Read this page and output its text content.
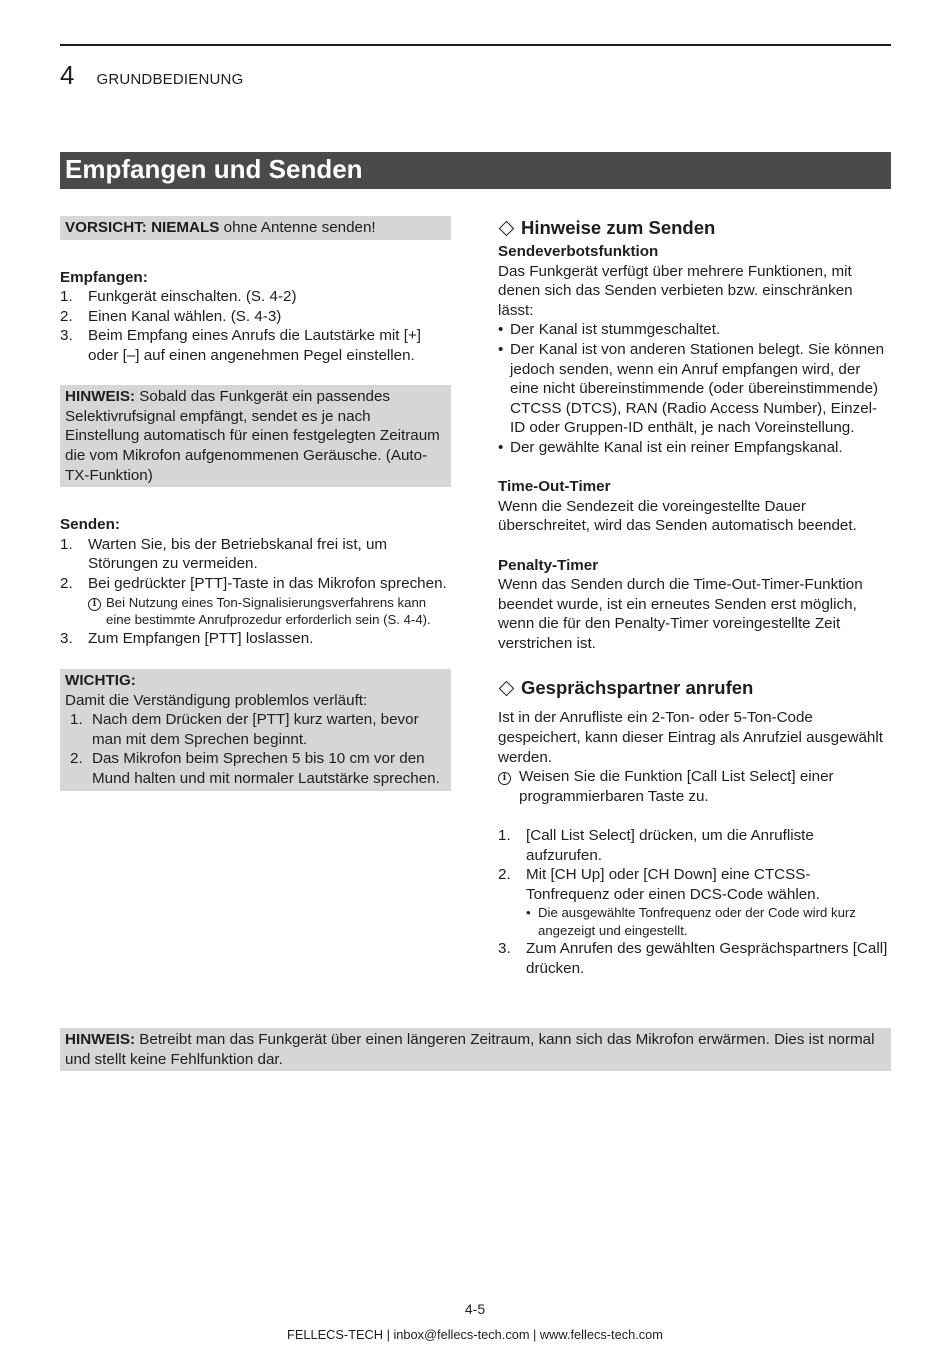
4 GRUNDBEDIENUNG
Empfangen und Senden
VORSICHT: NIEMALS ohne Antenne senden!
Empfangen:
1.	Funkgerät einschalten. (S. 4-2)
2.	Einen Kanal wählen. (S. 4-3)
3.	Beim Empfang eines Anrufs die Lautstärke mit [+] oder [–] auf einen angenehmen Pegel einstellen.
HINWEIS: Sobald das Funkgerät ein passendes Selektivrufsignal empfängt, sendet es je nach Einstellung automatisch für einen festgelegten Zeitraum die vom Mikrofon aufgenommenen Geräusche. (Auto-TX-Funktion)
Senden:
1.	Warten Sie, bis der Betriebskanal frei ist, um Störungen zu vermeiden.
2.	Bei gedrückter [PTT]-Taste in das Mikrofon sprechen.
i Bei Nutzung eines Ton-Signalisierungsverfahrens kann eine bestimmte Anrufprozedur erforderlich sein (S. 4-4).
3.	Zum Empfangen [PTT] loslassen.
WICHTIG:
Damit die Verständigung problemlos verläuft:
1. Nach dem Drücken der [PTT] kurz warten, bevor man mit dem Sprechen beginnt.
2. Das Mikrofon beim Sprechen 5 bis 10 cm vor den Mund halten und mit normaler Lautstärke sprechen.
Hinweise zum Senden
Sendeverbotsfunktion
Das Funkgerät verfügt über mehrere Funktionen, mit denen sich das Senden verbieten bzw. einschränken lässt:
• Der Kanal ist stummgeschaltet.
• Der Kanal ist von anderen Stationen belegt. Sie können jedoch senden, wenn ein Anruf empfangen wird, der eine nicht übereinstimmende (oder übereinstimmende) CTCSS (DTCS), RAN (Radio Access Number), Einzel-ID oder Gruppen-ID enthält, je nach Voreinstellung.
• Der gewählte Kanal ist ein reiner Empfangskanal.
Time-Out-Timer
Wenn die Sendezeit die voreingestellte Dauer überschreitet, wird das Senden automatisch beendet.
Penalty-Timer
Wenn das Senden durch die Time-Out-Timer-Funktion beendet wurde, ist ein erneutes Senden erst möglich, wenn die für den Penalty-Timer voreingestellte Zeit verstrichen ist.
Gesprächspartner anrufen
Ist in der Anrufliste ein 2-Ton- oder 5-Ton-Code gespeichert, kann dieser Eintrag als Anrufziel ausgewählt werden.
i Weisen Sie die Funktion [Call List Select] einer programmierbaren Taste zu.
1.	[Call List Select] drücken, um die Anrufliste aufzurufen.
2.	Mit [CH Up] oder [CH Down] eine CTCSS-Tonfrequenz oder einen DCS-Code wählen.
• Die ausgewählte Tonfrequenz oder der Code wird kurz angezeigt und eingestellt.
3.	Zum Anrufen des gewählten Gesprächspartners [Call] drücken.
HINWEIS: Betreibt man das Funkgerät über einen längeren Zeitraum, kann sich das Mikrofon erwärmen. Dies ist normal und stellt keine Fehlfunktion dar.
4-5
FELLECS-TECH | inbox@fellecs-tech.com | www.fellecs-tech.com
